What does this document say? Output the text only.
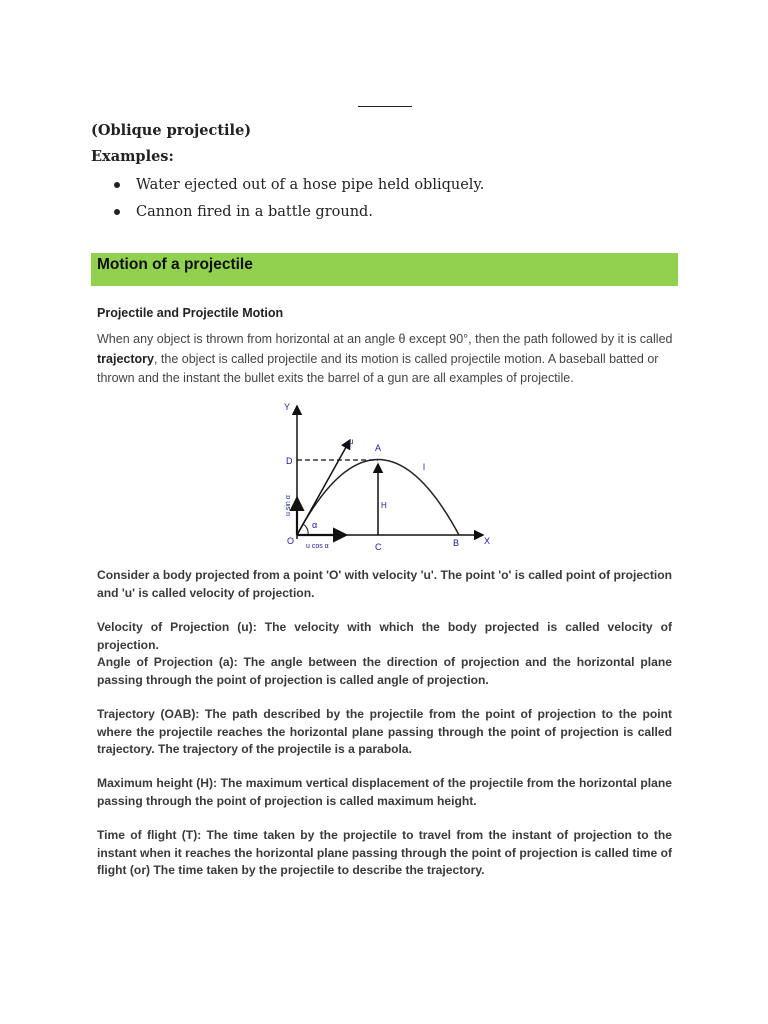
(Oblique projectile)
Examples:
Water ejected out of a hose pipe held obliquely.
Cannon fired in a battle ground.
Motion of a projectile
Projectile and Projectile Motion
When any object is thrown from horizontal at an angle θ except 90°, then the path followed by it is called trajectory, the object is called projectile and its motion is called projectile motion. A baseball batted or thrown and the instant the bullet exits the barrel of a gun are all examples of projectile.
Y
X
O
A
B
C
D
u
H
l
α
u cos α
u sin α
Consider a body projected from a point 'O' with velocity 'u'. The point 'o' is called point of projection and 'u' is called velocity of projection.
Velocity of Projection (u): The velocity with which the body projected is called velocity of projection.
Angle of Projection (a): The angle between the direction of projection and the horizontal plane passing through the point of projection is called angle of projection.
Trajectory (OAB): The path described by the projectile from the point of projection to the point where the projectile reaches the horizontal plane passing through the point of projection is called trajectory. The trajectory of the projectile is a parabola.
Maximum height (H): The maximum vertical displacement of the projectile from the horizontal plane passing through the point of projection is called maximum height.
Time of flight (T): The time taken by the projectile to travel from the instant of projection to the instant when it reaches the horizontal plane passing through the point of projection is called time of flight (or) The time taken by the projectile to describe the trajectory.
